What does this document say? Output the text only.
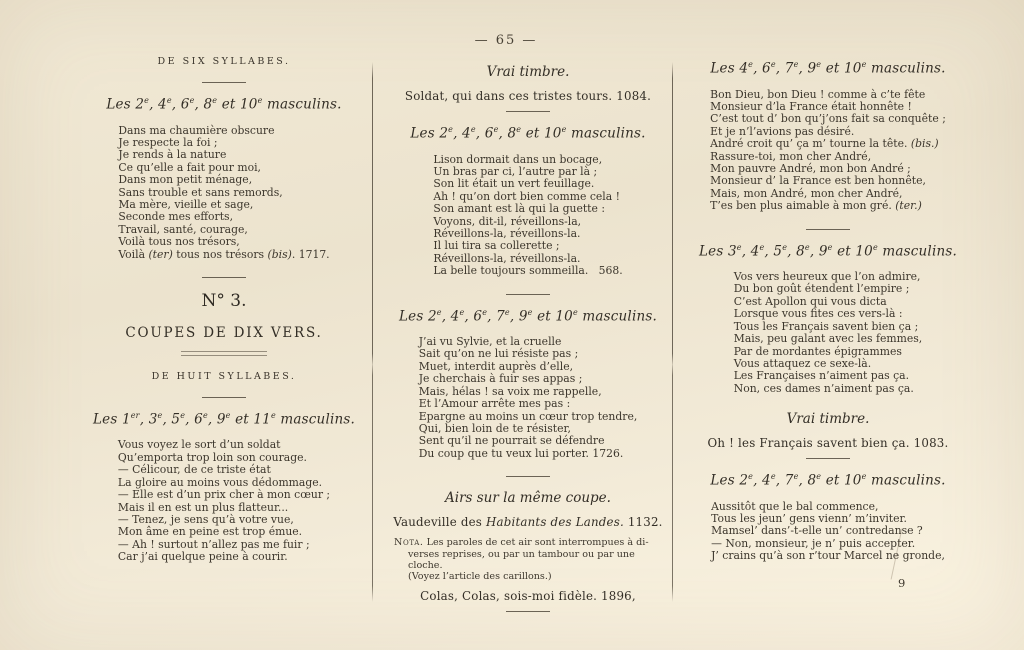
— 65 —
DE SIX SYLLABES.
Les 2e, 4e, 6e, 8e et 10e masculins.
Dans ma chaumière obscure
Je respecte la foi ;
Je rends à la nature
Ce qu’elle a fait pour moi,
Dans mon petit ménage,
Sans trouble et sans remords,
Ma mère, vieille et sage,
Seconde mes efforts,
Travail, santé, courage,
Voilà tous nos trésors,
Voilà (ter) tous nos trésors (bis). 1717.
N° 3.
COUPES DE DIX VERS.
DE HUIT SYLLABES.
Les 1er, 3e, 5e, 6e, 9e et 11e masculins.
Vous voyez le sort d’un soldat
Qu’emporta trop loin son courage.
— Célicour, de ce triste état
La gloire au moins vous dédommage.
— Elle est d’un prix cher à mon cœur ;
Mais il en est un plus flatteur...
— Tenez, je sens qu’à votre vue,
Mon âme en peine est trop émue.
— Ah ! surtout n’allez pas me fuir ;
Car j’ai quelque peine à courir.
Vrai timbre.
Soldat, qui dans ces tristes tours. 1084.
Les 2e, 4e, 6e, 8e et 10e masculins.
Lison dormait dans un bocage,
Un bras par ci, l’autre par là ;
Son lit était un vert feuillage.
Ah ! qu’on dort bien comme cela !
Son amant est là qui la guette :
Voyons, dit-il, réveillons-la,
Réveillons-la, réveillons-la.
Il lui tira sa collerette ;
Réveillons-la, réveillons-la.
La belle toujours sommeilla.   568.
Les 2e, 4e, 6e, 7e, 9e et 10e masculins.
J’ai vu Sylvie, et la cruelle
Sait qu’on ne lui résiste pas ;
Muet, interdit auprès d’elle,
Je cherchais à fuir ses appas ;
Mais, hélas ! sa voix me rappelle,
Et l’Amour arrête mes pas :
Epargne au moins un cœur trop tendre,
Qui, bien loin de te résister,
Sent qu’il ne pourrait se défendre
Du coup que tu veux lui porter. 1726.
Airs sur la même coupe.
Vaudeville des Habitants des Landes. 1132.
Nota. Les paroles de cet air sont interrompues à di-
verses reprises, ou par un tambour ou par une cloche.
(Voyez l’article des carillons.)
Colas, Colas, sois-moi fidèle. 1896,
Les 4e, 6e, 7e, 9e et 10e masculins.
Bon Dieu, bon Dieu ! comme à c’te fête
Monsieur d’la France était honnête !
C’est tout d’ bon qu’j’ons fait sa conquête ;
Et je n’l’avions pas désiré.
André croit qu’ ça m’ tourne la tête. (bis.)
Rassure-toi, mon cher André,
Mon pauvre André, mon bon André ;
Monsieur d’ la France est ben honnête,
Mais, mon André, mon cher André,
T’es ben plus aimable à mon gré. (ter.)
Les 3e, 4e, 5e, 8e, 9e et 10e masculins.
Vos vers heureux que l’on admire,
Du bon goût étendent l’empire ;
C’est Apollon qui vous dicta
Lorsque vous fites ces vers-là :
Tous les Français savent bien ça ;
Mais, peu galant avec les femmes,
Par de mordantes épigrammes
Vous attaquez ce sexe-là.
Les Françaises n’aiment pas ça.
Non, ces dames n’aiment pas ça.
Vrai timbre.
Oh ! les Français savent bien ça. 1083.
Les 2e, 4e, 7e, 8e et 10e masculins.
Aussitôt que le bal commence,
Tous les jeun’ gens vienn’ m’inviter.
Mamsel’ dans’-t-elle un’ contredanse ?
— Non, monsieur, je n’ puis accepter.
J’ crains qu’à son r’tour Marcel ne gronde,
9
